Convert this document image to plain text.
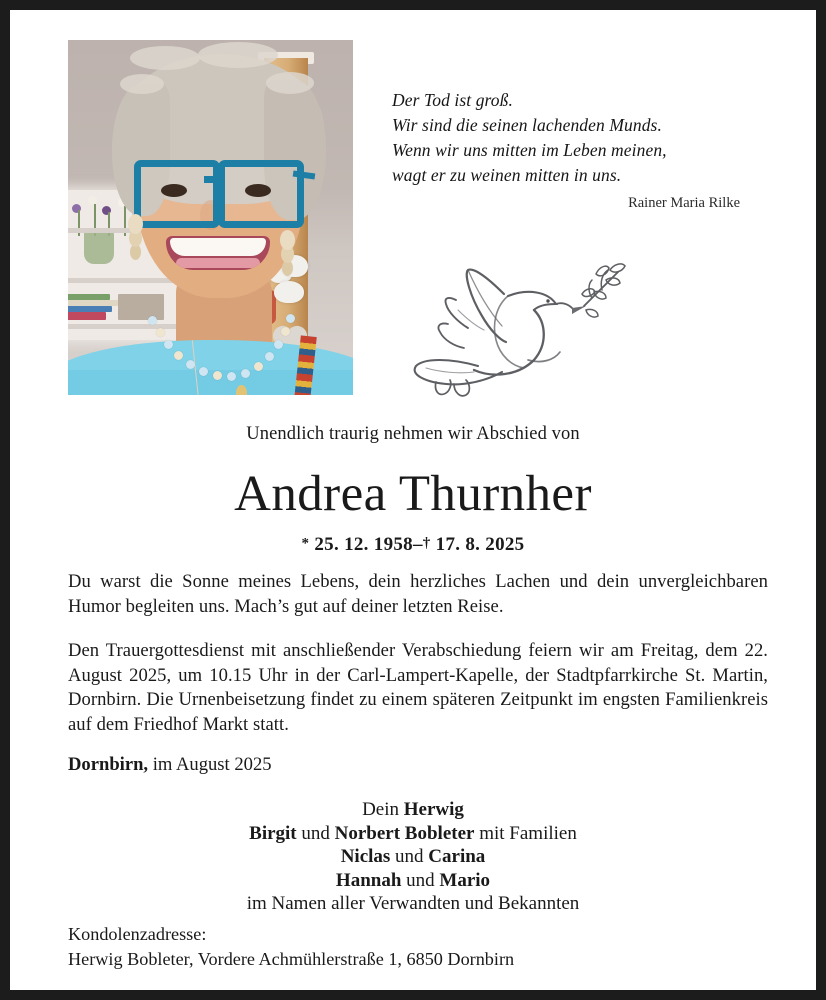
Der Tod ist groß.
Wir sind die seinen lachenden Munds.
Wenn wir uns mitten im Leben meinen,
wagt er zu weinen mitten in uns.
Rainer Maria Rilke
Unendlich traurig nehmen wir Abschied von
Andrea Thurnher
* 25. 12. 1958–† 17. 8. 2025

Du warst die Sonne meines Lebens, dein herzliches Lachen und dein unvergleichbaren Humor begleiten uns. Mach’s gut auf deiner letzten Reise.

Den Trauergottesdienst mit anschließender Verabschiedung feiern wir am Freitag, dem 22. August 2025, um 10.15 Uhr in der Carl-Lampert-Kapelle, der Stadtpfarrkirche St. Martin, Dornbirn. Die Urnenbeisetzung findet zu einem späteren Zeitpunkt im engsten Familienkreis auf dem Friedhof Markt statt.

Dornbirn, im August 2025
Dein Herwig
Birgit und Norbert Bobleter mit Familien
Niclas und Carina
Hannah und Mario
im Namen aller Verwandten und Bekannten
Kondolenzadresse:
Herwig Bobleter, Vordere Achmühlerstraße 1, 6850 Dornbirn
